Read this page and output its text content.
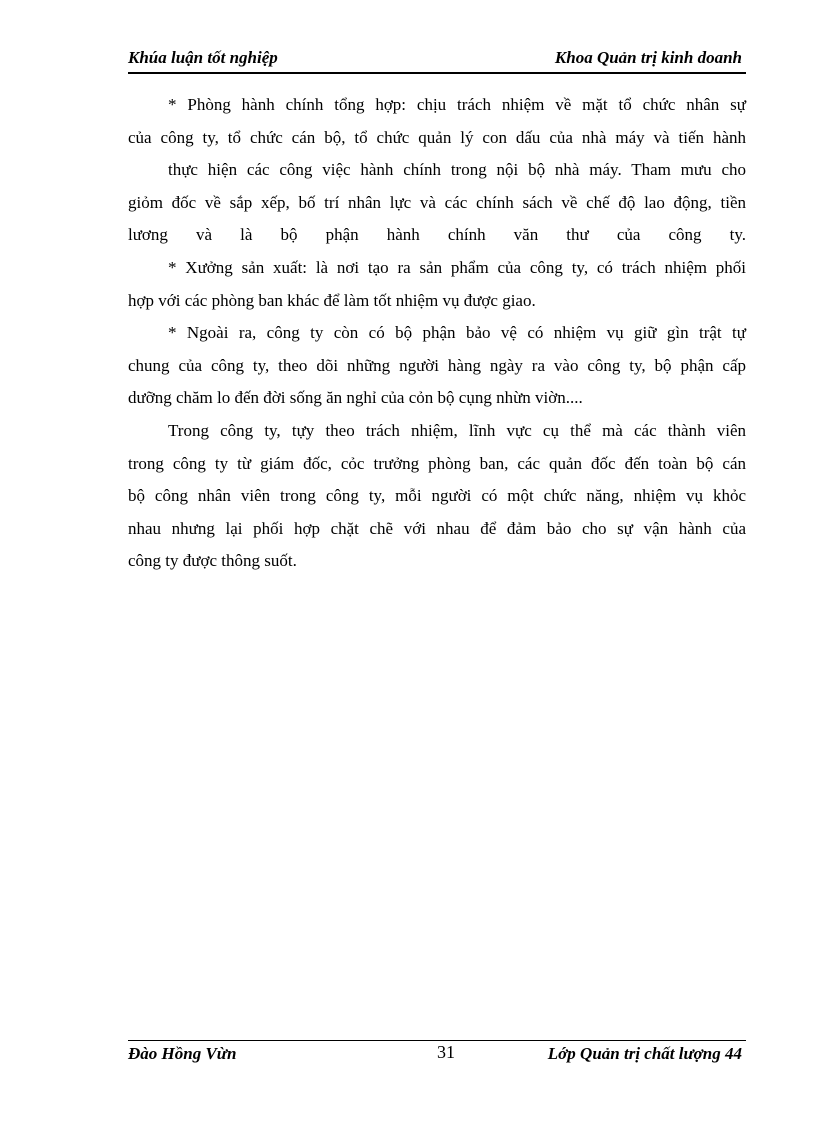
Khúa luận tốt nghiệp	Khoa Quản trị kinh doanh
* Phòng hành chính tổng hợp: chịu trách nhiệm về mặt tổ chức nhân sự
của công ty, tổ chức cán bộ, tổ chức quản lý con dấu của nhà máy và tiến hành
thực hiện các công việc hành chính trong nội bộ nhà máy. Tham mưu cho
giỏm đốc về sắp xếp, bố trí nhân lực và các chính sách về chế độ lao động, tiền
lương và là bộ phận hành chính văn thư của công ty.
* Xưởng sản xuất: là nơi tạo ra sản phẩm của công ty, có trách nhiệm phối
hợp với các phòng ban khác để làm tốt nhiệm vụ được giao.
* Ngoài ra, công ty còn có bộ phận bảo vệ có nhiệm vụ giữ gìn trật tự
chung của công ty, theo dõi những người hàng ngày ra vào công ty, bộ phận cấp
dưỡng chăm lo đến đời sống ăn nghỉ của cỏn bộ cụng nhừn viờn....
Trong công ty, tựy theo trách nhiệm, lĩnh vực cụ thể mà các thành viên
trong công ty từ giám đốc, cỏc trưởng phòng ban, các quản đốc đến toàn bộ cán
bộ công nhân viên trong công ty, mỗi người có một chức năng, nhiệm vụ khỏc
nhau nhưng lại phối hợp chặt chẽ với nhau để đảm bảo cho sự vận hành của
công ty được thông suốt.
Đào Hồng Vừn	31	Lớp Quản trị chất lượng 44
